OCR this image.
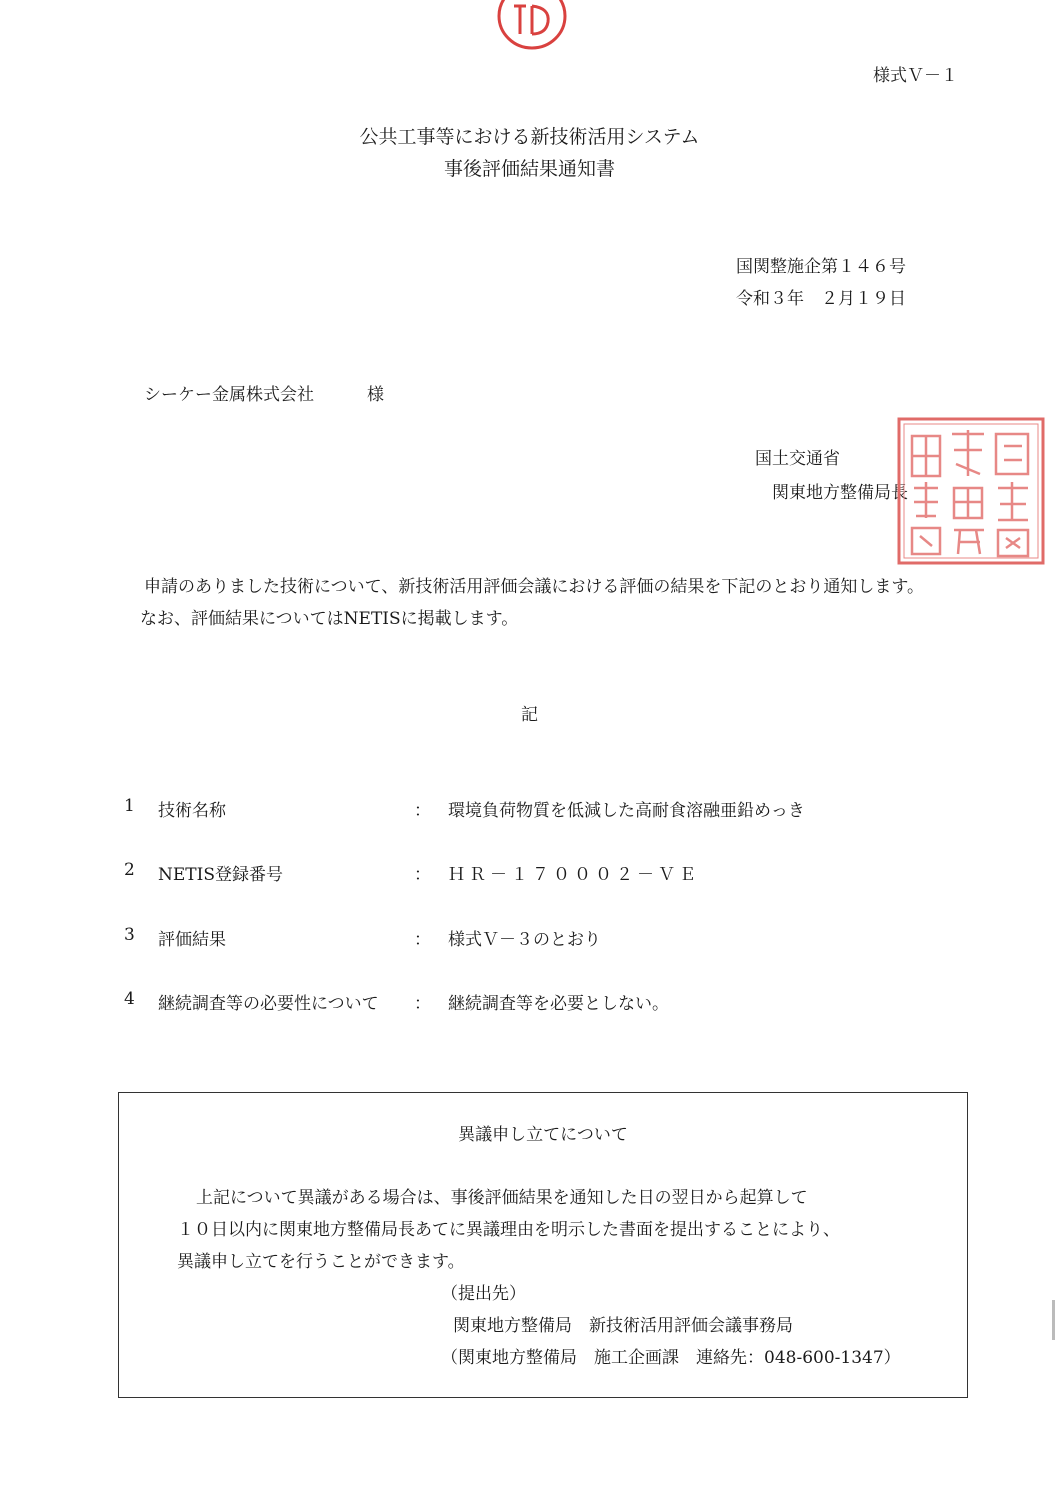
様式Ｖ－１
公共工事等における新技術活用システム
事後評価結果通知書
国関整施企第１４６号
令和３年　２月１９日
シーケー金属株式会社	様
国土交通省
関東地方整備局長
申請のありました技術について、新技術活用評価会議における評価の結果を下記のとおり通知します。
なお、評価結果についてはNETISに掲載します。
記
1 技術名称	： 環境負荷物質を低減した高耐食溶融亜鉛めっき
2 NETIS登録番号	： ＨＲ－１７０００２－ＶＥ
3 評価結果	： 様式Ｖ－３のとおり
4 継続調査等の必要性について ： 継続調査等を必要としない。
異議申し立てについて
上記について異議がある場合は、事後評価結果を通知した日の翌日から起算して
１０日以内に関東地方整備局長あてに異議理由を明示した書面を提出することにより、
異議申し立てを行うことができます。
（提出先）
関東地方整備局　新技術活用評価会議事務局
（関東地方整備局　施工企画課　連絡先：048-600-1347）
